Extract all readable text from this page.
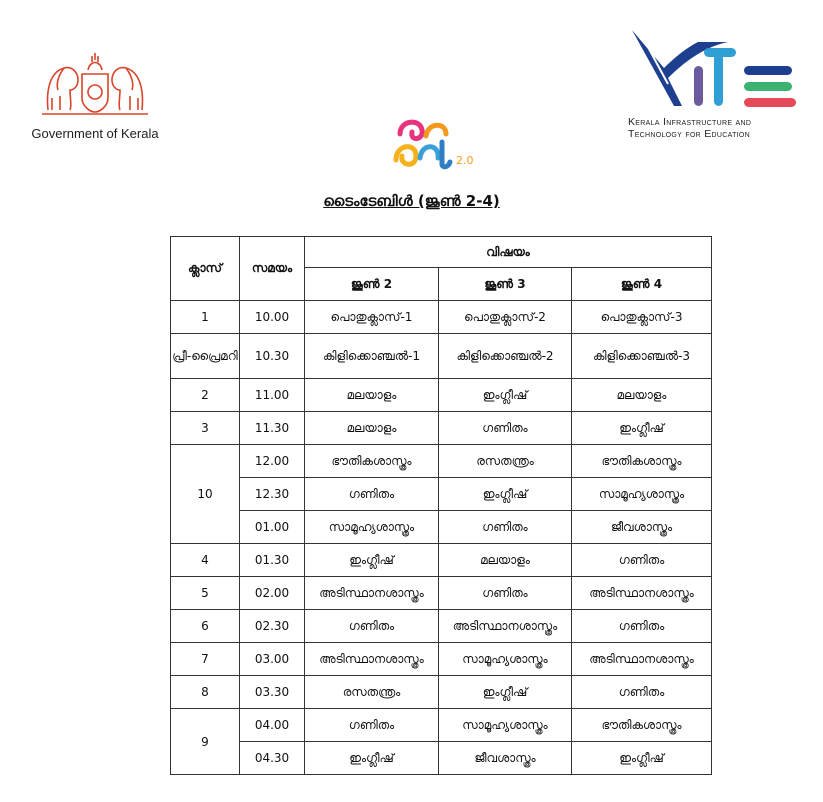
Government of Kerala
2.0
Kerala Infrastructure and
Technology for Education
ടൈംടേബിൾ (ജൂൺ 2-4)
ക്ലാസ്	സമയം	വിഷയം		
		ജൂൺ 2	ജൂൺ 3	ജൂൺ 4
1	10.00	പൊതുക്ലാസ്-1	പൊതുക്ലാസ്-2	പൊതുക്ലാസ്-3
പ്രീ-പ്രൈമറി	10.30	കിളിക്കൊഞ്ചൽ-1	കിളിക്കൊഞ്ചൽ-2	കിളിക്കൊഞ്ചൽ-3
2	11.00	മലയാളം	ഇംഗ്ലീഷ്	മലയാളം
3	11.30	മലയാളം	ഗണിതം	ഇംഗ്ലീഷ്
10	12.00	ഭൗതികശാസ്ത്രം	രസതന്ത്രം	ഭൗതികശാസ്ത്രം
	12.30	ഗണിതം	ഇംഗ്ലീഷ്	സാമൂഹ്യശാസ്ത്രം
	01.00	സാമൂഹ്യശാസ്ത്രം	ഗണിതം	ജീവശാസ്ത്രം
4	01.30	ഇംഗ്ലീഷ്	മലയാളം	ഗണിതം
5	02.00	അടിസ്ഥാനശാസ്ത്രം	ഗണിതം	അടിസ്ഥാനശാസ്ത്രം
6	02.30	ഗണിതം	അടിസ്ഥാനശാസ്ത്രം	ഗണിതം
7	03.00	അടിസ്ഥാനശാസ്ത്രം	സാമൂഹ്യശാസ്ത്രം	അടിസ്ഥാനശാസ്ത്രം
8	03.30	രസതന്ത്രം	ഇംഗ്ലീഷ്	ഗണിതം
9	04.00	ഗണിതം	സാമൂഹ്യശാസ്ത്രം	ഭൗതികശാസ്ത്രം
	04.30	ഇംഗ്ലീഷ്	ജീവശാസ്ത്രം	ഇംഗ്ലീഷ്
